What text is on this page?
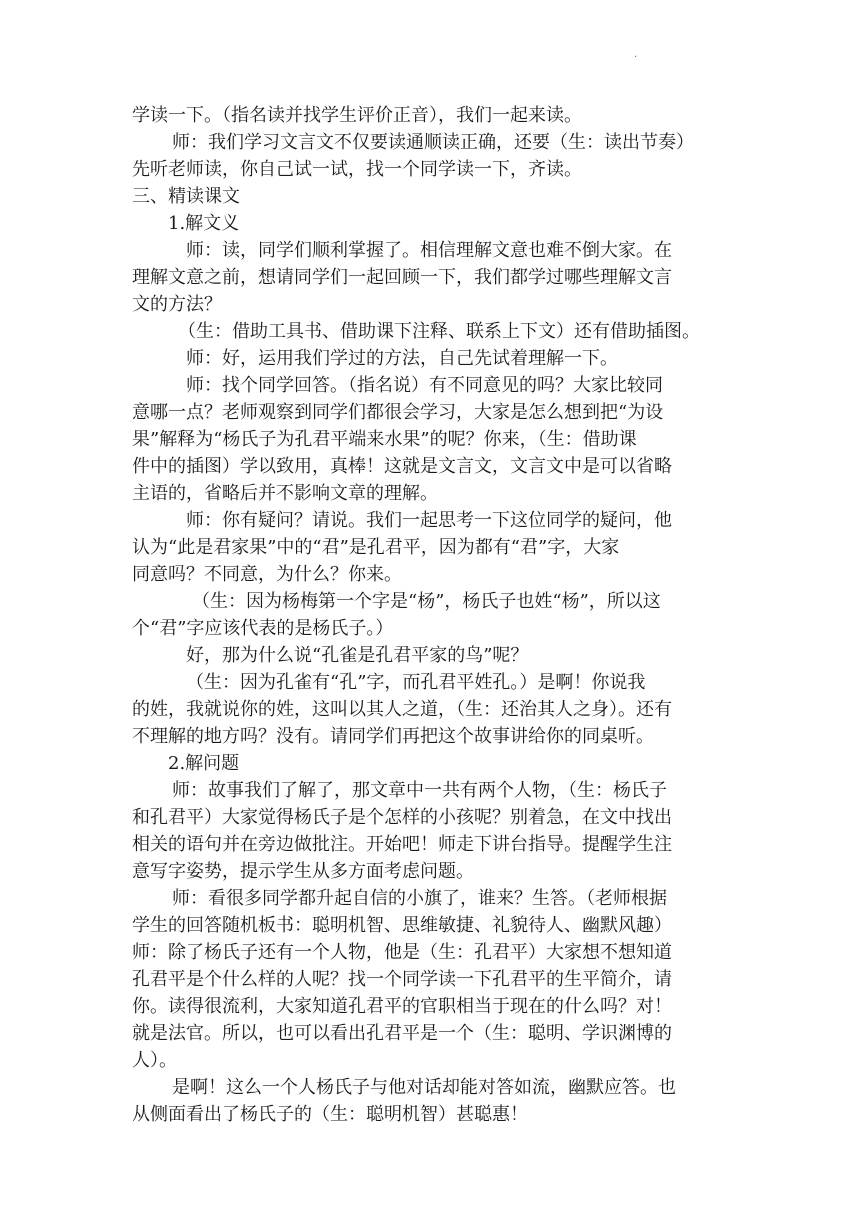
.

学读一下。（指名读并找学生评价正音），我们一起来读。

师：我们学习文言文不仅要读通顺读正确，还要（生：读出节奏）

先听老师读，你自己试一试，找一个同学读一下，齐读。

三、精读课文

1.解文义

师：读，同学们顺利掌握了。相信理解文意也难不倒大家。在

理解文意之前，想请同学们一起回顾一下，我们都学过哪些理解文言

文的方法？

（生：借助工具书、借助课下注释、联系上下文）还有借助插图。

师：好，运用我们学过的方法，自己先试着理解一下。

师：找个同学回答。（指名说）有不同意见的吗？大家比较同

意哪一点？老师观察到同学们都很会学习，大家是怎么想到把“为设

果”解释为“杨氏子为孔君平端来水果”的呢？你来，（生：借助课

件中的插图）学以致用，真棒！这就是文言文，文言文中是可以省略

主语的，省略后并不影响文章的理解。

师：你有疑问？请说。我们一起思考一下这位同学的疑问，他

认为“此是君家果”中的“君”是孔君平，因为都有“君”字，大家

同意吗？不同意，为什么？你来。

（生：因为杨梅第一个字是“杨”，杨氏子也姓“杨”，所以这

个“君”字应该代表的是杨氏子。）

好，那为什么说“孔雀是孔君平家的鸟”呢？

（生：因为孔雀有“孔”字，而孔君平姓孔。）是啊！你说我

的姓，我就说你的姓，这叫以其人之道，（生：还治其人之身）。还有

不理解的地方吗？没有。请同学们再把这个故事讲给你的同桌听。

2.解问题

师：故事我们了解了，那文章中一共有两个人物，（生：杨氏子

和孔君平）大家觉得杨氏子是个怎样的小孩呢？别着急，在文中找出

相关的语句并在旁边做批注。开始吧！师走下讲台指导。提醒学生注

意写字姿势，提示学生从多方面考虑问题。

师：看很多同学都升起自信的小旗了，谁来？生答。（老师根据

学生的回答随机板书：聪明机智、思维敏捷、礼貌待人、幽默风趣）

师：除了杨氏子还有一个人物，他是（生：孔君平）大家想不想知道

孔君平是个什么样的人呢？找一个同学读一下孔君平的生平简介，请

你。读得很流利，大家知道孔君平的官职相当于现在的什么吗？对！

就是法官。所以，也可以看出孔君平是一个（生：聪明、学识渊博的

人）。

是啊！这么一个人杨氏子与他对话却能对答如流，幽默应答。也

从侧面看出了杨氏子的（生：聪明机智）甚聪惠！
